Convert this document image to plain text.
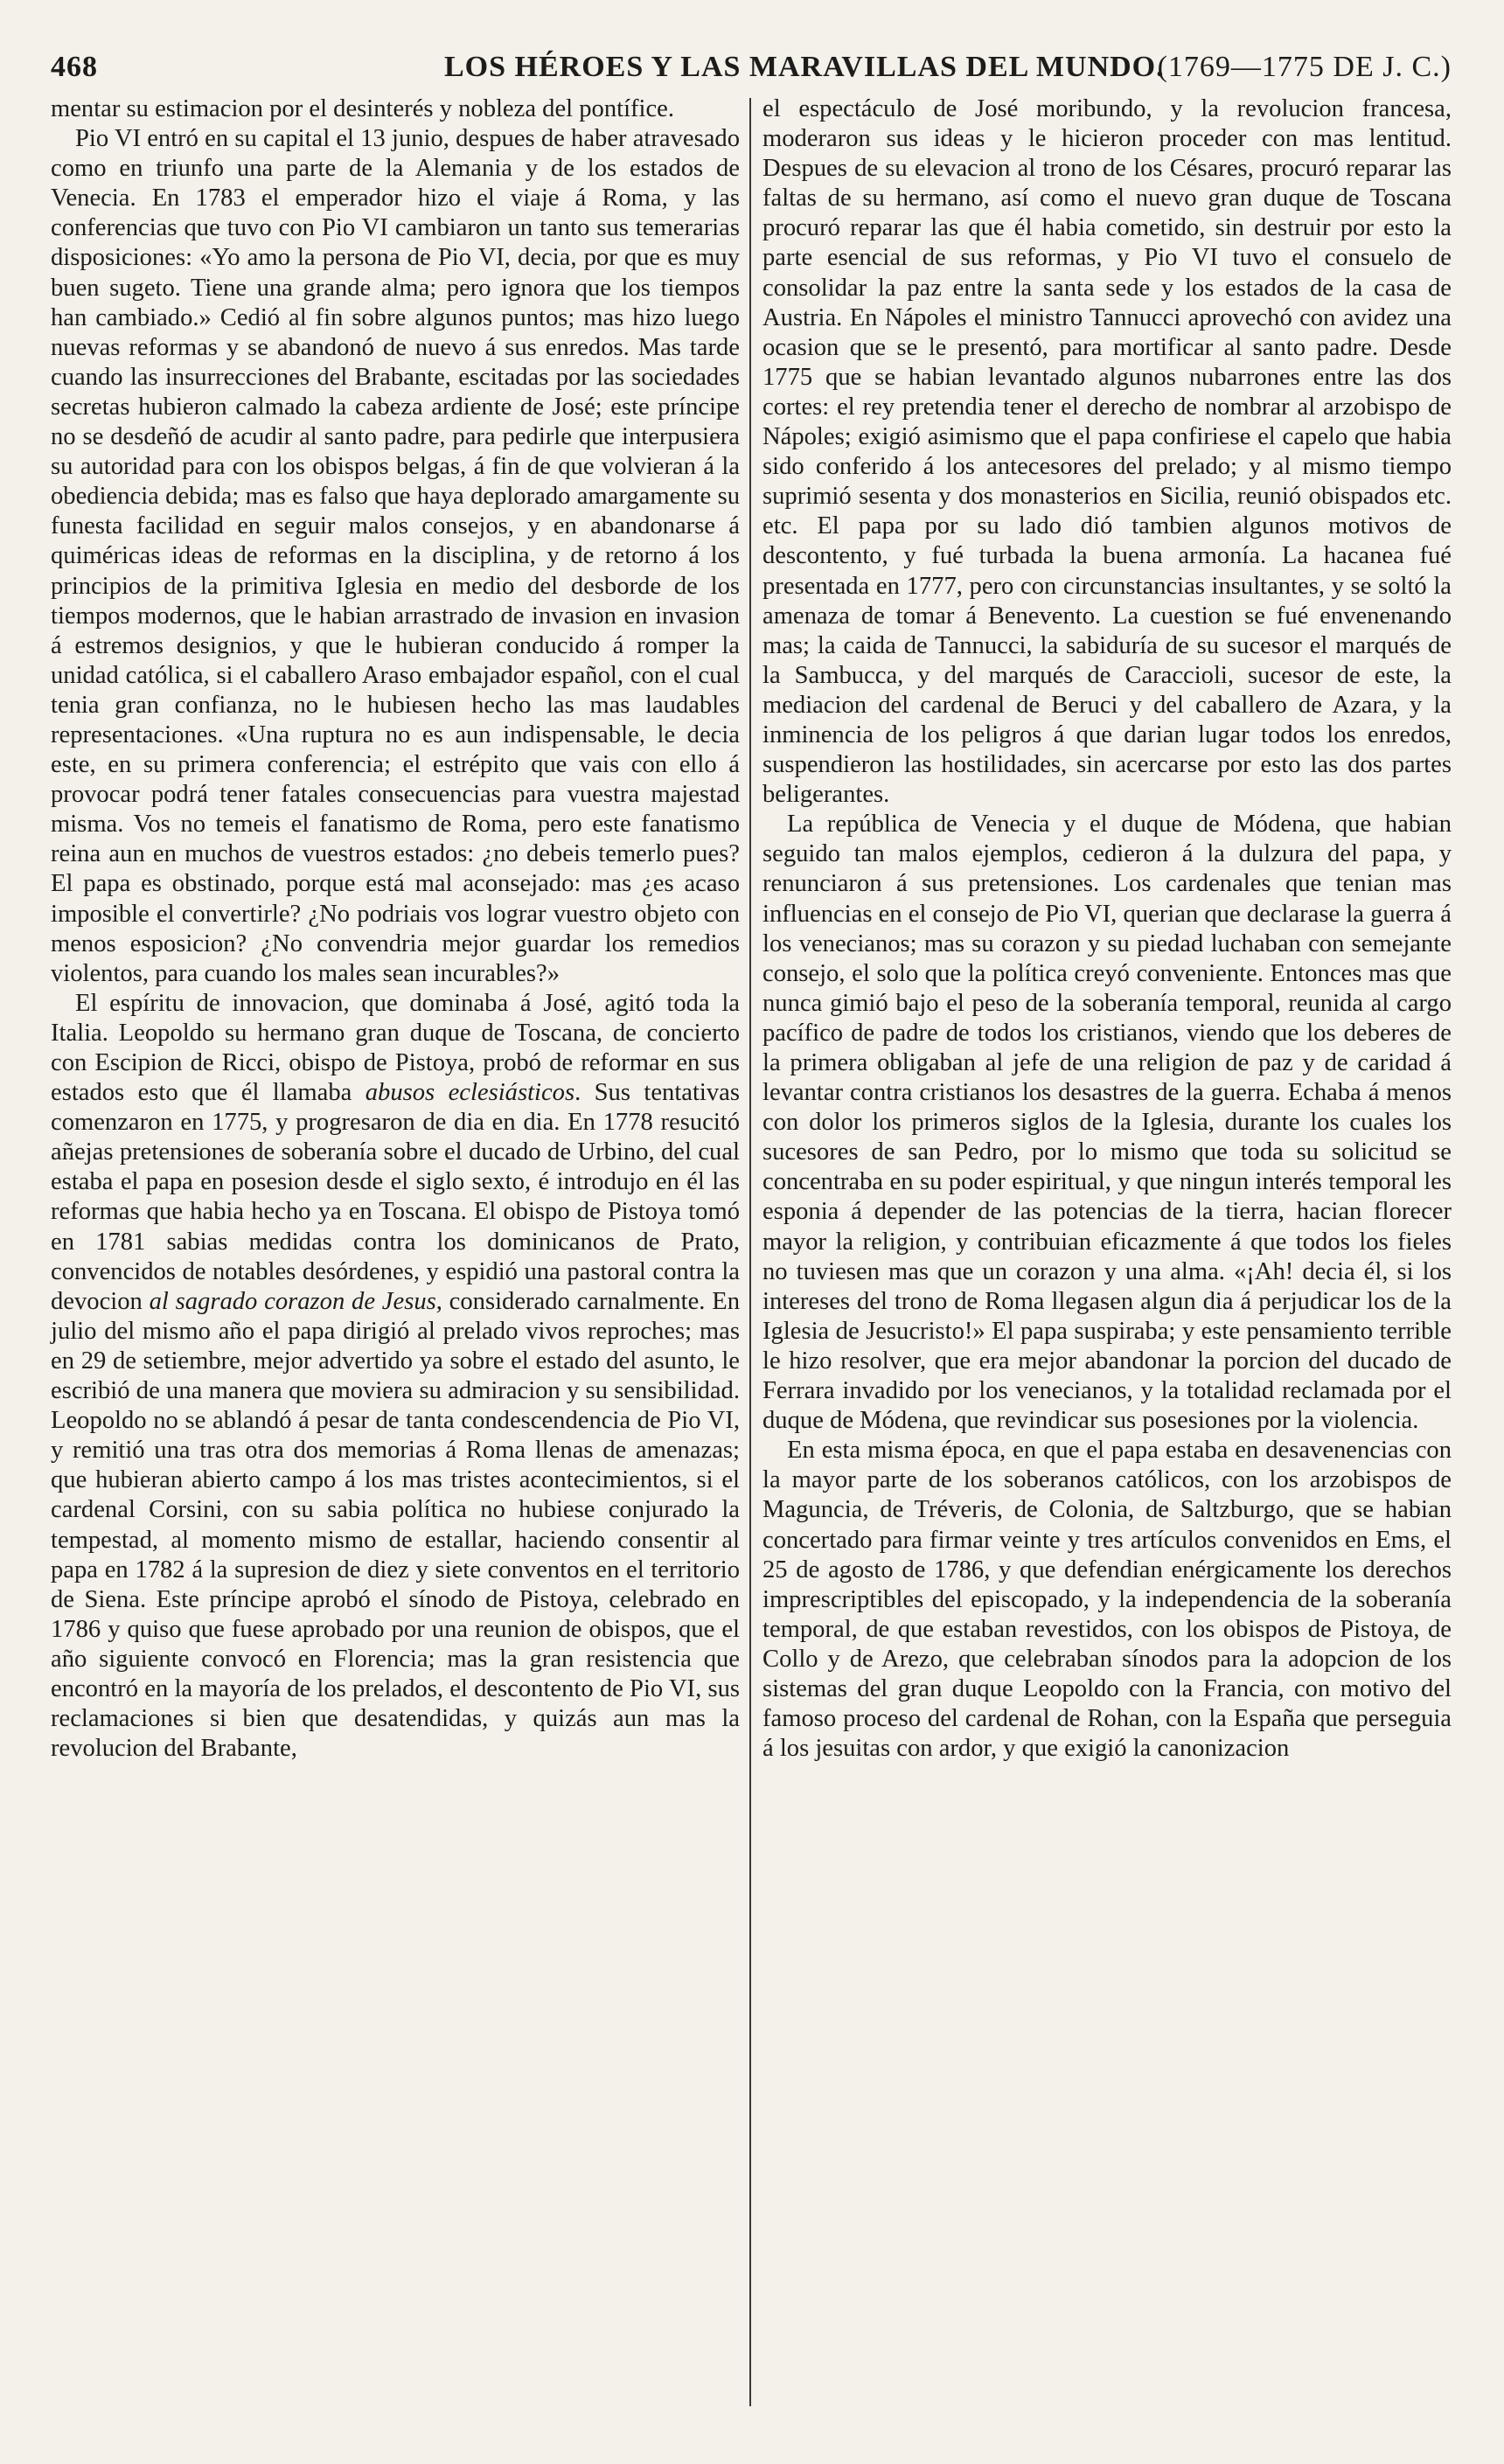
468	LOS HÉROES Y LAS MARAVILLAS DEL MUNDO.
(1769—1775 DE J. C.)

mentar su estimacion por el desinterés y nobleza del pontífice.

Pio VI entró en su capital el 13 junio, despues de haber atravesado como en triunfo una parte de la Alemania y de los estados de Venecia. En 1783 el emperador hizo el viaje á Roma, y las conferencias que tuvo con Pio VI cambiaron un tanto sus temerarias disposiciones: «Yo amo la persona de Pio VI, decia, por que es muy buen sugeto. Tiene una grande alma; pero ignora que los tiempos han cambiado.» Cedió al fin sobre algunos puntos; mas hizo luego nuevas reformas y se abandonó de nuevo á sus enredos. Mas tarde cuando las insurrecciones del Brabante, escitadas por las sociedades secretas hubieron calmado la cabeza ardiente de José; este príncipe no se desdeñó de acudir al santo padre, para pedirle que interpusiera su autoridad para con los obispos belgas, á fin de que volvieran á la obediencia debida; mas es falso que haya deplorado amargamente su funesta facilidad en seguir malos consejos, y en abandonarse á quiméricas ideas de reformas en la disciplina, y de retorno á los principios de la primitiva Iglesia en medio del desborde de los tiempos modernos, que le habian arrastrado de invasion en invasion á estremos designios, y que le hubieran conducido á romper la unidad católica, si el caballero Araso embajador español, con el cual tenia gran confianza, no le hubiesen hecho las mas laudables representaciones. «Una ruptura no es aun indispensable, le decia este, en su primera conferencia; el estrépito que vais con ello á provocar podrá tener fatales consecuencias para vuestra majestad misma. Vos no temeis el fanatismo de Roma, pero este fanatismo reina aun en muchos de vuestros estados: ¿no debeis temerlo pues? El papa es obstinado, porque está mal aconsejado: mas ¿es acaso imposible el convertirle? ¿No podriais vos lograr vuestro objeto con menos esposicion? ¿No convendria mejor guardar los remedios violentos, para cuando los males sean incurables?»

El espíritu de innovacion, que dominaba á José, agitó toda la Italia. Leopoldo su hermano gran duque de Toscana, de concierto con Escipion de Ricci, obispo de Pistoya, probó de reformar en sus estados esto que él llamaba abusos eclesiásticos. Sus tentativas comenzaron en 1775, y progresaron de dia en dia. En 1778 resucitó añejas pretensiones de soberanía sobre el ducado de Urbino, del cual estaba el papa en posesion desde el siglo sexto, é introdujo en él las reformas que habia hecho ya en Toscana. El obispo de Pistoya tomó en 1781 sabias medidas contra los dominicanos de Prato, convencidos de notables desórdenes, y espidió una pastoral contra la devocion al sagrado corazon de Jesus, considerado carnalmente. En julio del mismo año el papa dirigió al prelado vivos reproches; mas en 29 de setiembre, mejor advertido ya sobre el estado del asunto, le escribió de una manera que moviera su admiracion y su sensibilidad. Leopoldo no se ablandó á pesar de tanta condescendencia de Pio VI, y remitió una tras otra dos memorias á Roma llenas de amenazas; que hubieran abierto campo á los mas tristes acontecimientos, si el cardenal Corsini, con su sabia política no hubiese conjurado la tempestad, al momento mismo de estallar, haciendo consentir al papa en 1782 á la supresion de diez y siete conventos en el territorio de Siena. Este príncipe aprobó el sínodo de Pistoya, celebrado en 1786 y quiso que fuese aprobado por una reunion de obispos, que el año siguiente convocó en Florencia; mas la gran resistencia que encontró en la mayoría de los prelados, el descontento de Pio VI, sus reclamaciones si bien que desatendidas, y quizás aun mas la revolucion del Brabante,

el espectáculo de José moribundo, y la revolucion francesa, moderaron sus ideas y le hicieron proceder con mas lentitud. Despues de su elevacion al trono de los Césares, procuró reparar las faltas de su hermano, así como el nuevo gran duque de Toscana procuró reparar las que él habia cometido, sin destruir por esto la parte esencial de sus reformas, y Pio VI tuvo el consuelo de consolidar la paz entre la santa sede y los estados de la casa de Austria. En Nápoles el ministro Tannucci aprovechó con avidez una ocasion que se le presentó, para mortificar al santo padre. Desde 1775 que se habian levantado algunos nubarrones entre las dos cortes: el rey pretendia tener el derecho de nombrar al arzobispo de Nápoles; exigió asimismo que el papa confiriese el capelo que habia sido conferido á los antecesores del prelado; y al mismo tiempo suprimió sesenta y dos monasterios en Sicilia, reunió obispados etc. etc. El papa por su lado dió tambien algunos motivos de descontento, y fué turbada la buena armonía. La hacanea fué presentada en 1777, pero con circunstancias insultantes, y se soltó la amenaza de tomar á Benevento. La cuestion se fué envenenando mas; la caida de Tannucci, la sabiduría de su sucesor el marqués de la Sambucca, y del marqués de Caraccioli, sucesor de este, la mediacion del cardenal de Beruci y del caballero de Azara, y la inminencia de los peligros á que darian lugar todos los enredos, suspendieron las hostilidades, sin acercarse por esto las dos partes beligerantes.

La república de Venecia y el duque de Módena, que habian seguido tan malos ejemplos, cedieron á la dulzura del papa, y renunciaron á sus pretensiones. Los cardenales que tenian mas influencias en el consejo de Pio VI, querian que declarase la guerra á los venecianos; mas su corazon y su piedad luchaban con semejante consejo, el solo que la política creyó conveniente. Entonces mas que nunca gimió bajo el peso de la soberanía temporal, reunida al cargo pacífico de padre de todos los cristianos, viendo que los deberes de la primera obligaban al jefe de una religion de paz y de caridad á levantar contra cristianos los desastres de la guerra. Echaba á menos con dolor los primeros siglos de la Iglesia, durante los cuales los sucesores de san Pedro, por lo mismo que toda su solicitud se concentraba en su poder espiritual, y que ningun interés temporal les esponia á depender de las potencias de la tierra, hacian florecer mayor la religion, y contribuian eficazmente á que todos los fieles no tuviesen mas que un corazon y una alma. «¡Ah! decia él, si los intereses del trono de Roma llegasen algun dia á perjudicar los de la Iglesia de Jesucristo!» El papa suspiraba; y este pensamiento terrible le hizo resolver, que era mejor abandonar la porcion del ducado de Ferrara invadido por los venecianos, y la totalidad reclamada por el duque de Módena, que revindicar sus posesiones por la violencia.

En esta misma época, en que el papa estaba en desavenencias con la mayor parte de los soberanos católicos, con los arzobispos de Maguncia, de Tréveris, de Colonia, de Saltzburgo, que se habian concertado para firmar veinte y tres artículos convenidos en Ems, el 25 de agosto de 1786, y que defendian enérgicamente los derechos imprescriptibles del episcopado, y la independencia de la soberanía temporal, de que estaban revestidos, con los obispos de Pistoya, de Collo y de Arezo, que celebraban sínodos para la adopcion de los sistemas del gran duque Leopoldo con la Francia, con motivo del famoso proceso del cardenal de Rohan, con la España que perseguia á los jesuitas con ardor, y que exigió la canonizacion
